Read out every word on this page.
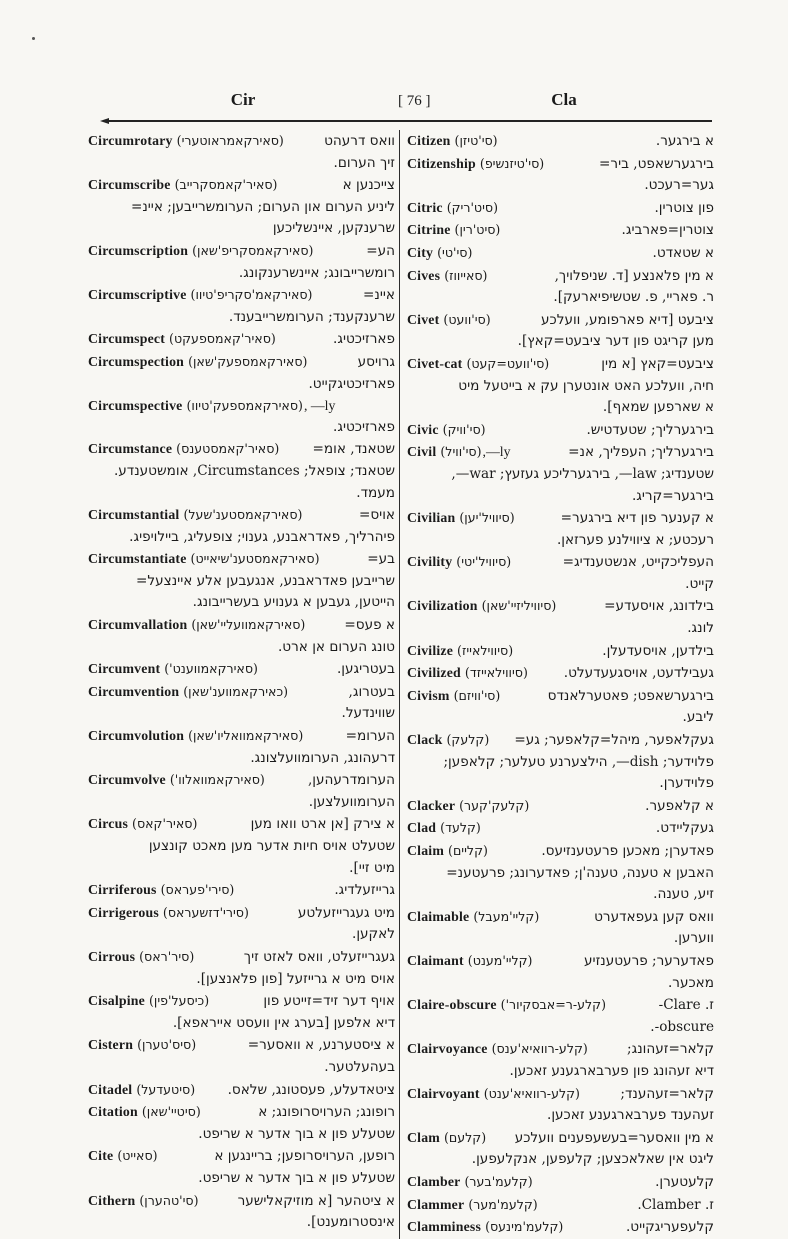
Cir	[ 76 ]	Cla
Circumrotary (סאירקאמראוטערי)	וואס דרעהט
זיך הערום.
Circumscribe (סאיר'קאמסקרייב)	צייכנען א
ליניע הערום און הערום; הערומשרייבען; איינ=
שרענקען, איינשליכען
Circumscription (סאירקאמסקריפ'שאן)	הע=
רומשרייבונג; איינשרענקונג.
Circumscriptive (סאירקאמ'סקריפ'טיוו)	איינ=
שרענקענד; הערומשרייבענד.
Circumspect (סאיר'קאמספעקט)	פארזיכטיג.
Circumspection (סאירקאמספעק'שאן)	גרויסע
פארזיכטיגקייט.
Circumspective (סאירקאמספעק'טיוו), —ly
פארזיכטיג.
Circumstance (סאיר'קאמסטענס)	שטאנד, אומ=
שטאנד; צופאל; Circumstances, אומשטענדע.
מעמד.
Circumstantial (סאירקאמסטענ'שעל)	אויס=
פיהרליך, פאדראבנע, גענוי; צופעליג, ביילויפיג.
Circumstantiate (סאירקאמסטענ'שיאייט)	בע=
שרייבען פאדראבנע, אנגעבען אלע איינצעל=
הייטען, געבען א גענויע בעשרייבונג.
Circumvallation (סאירקאמוועליי'שאן)	א פעס=
טונג הערום אן ארט.
Circumvent (סאירקאמווענט')	בעטריגען.
Circumvention (כאירקאמווענ'שאן)	בעטרוג,
שווינדעל.
Circumvolution (סאירקאמוואליו'שאן)	הערומ=
דרעהונג, הערומוועלצונג.
Circumvolve (סאירקאמוואלוו')	הערומדרעהען,
הערומוועלצען.
Circus (סאיר'קאס)	א צירק [אן ארט וואו מען
שטעלט אויס חיות אדער מען מאכט קונצען
מיט זיי].
Cirriferous (סירי'פעראס)	גרייזעלדיג.
Cirrigerous (סירי'דזשעראס)	מיט געגרייזעלטע
לאקען.
Cirrous (סיר'ראס)	געגרייזעלט, וואס לאזט זיך
אויס מיט א גרייזעל [פון פלאנצען].
Cisalpine (כיסעל'פין)	אויף דער זיד=זייטע פון
דיא אלפען [בערג אין וועסט אייראפא].
Cistern (סיס'טערן)	א ציסטערנע, א וואסער=
בעהעלטער.
Citadel (סיטעדעל)	ציטאדעלע, פעסטונג, שלאס.
Citation (סיטיי'שאן)	רופונג; הערויסרופונג; א
שטעלע פון א בוך אדער א שריפט.
Cite (סאייט)	רופען, הערויסרופען; בריינגען א
שטעלע פון א בוך אדער א שריפט.
Cithern (סי'טהערן)	א ציטהער [א מוזיקאלישער
אינסטרומענט].
Citizen (סי'טיזן)	א בירגער.
Citizenship (סי'טיזנשיפ)	בירגערשאפט, ביר=
גער=רעכט.
Citric (סיט'ריק)	פון צוטרין.
Citrine (סיט'רין)	צוטרין=פארביג.
City (סי'טי)	א שטאדט.
Cives (סאייווז)	א מין פלאנצע [ד. שניפלויך,
ר. פאריי, פ. שטשיפיארעק].
Civet (סי'וועט)	ציבעט [דיא פארפומע, וועלכע
מען קריגט פון דער ציבעט=קאץ].
Civet-cat (סי'וועט=קעט)	ציבעט=קאץ [א מין
חיה, וועלכע האט אונטערן עק א בייטעל מיט
א שארפען שמאף].
Civic (סי'וויק)	בירגערליך; שטעדטיש.
Civil (סי'וויל),—ly	בירגערליך; העפליך, אנ=
שטענדיג; law—, בירגערליכע געזעץ; war—,
בירגער=קריג.
Civilian (סיוויל'יען)	א קענער פון דיא בירגער=
רעכטע; א ציווילנע פערזאן.
Civility (סיוויל'יטי)	העפליכקייט, אנשטענדיג=
קייט.
Civilization (סיוויליזיי'שאן)	בילדונג, אויסעדע=
לונג.
Civilize (סיווילאייז)	בילדען, אויסעדעלן.
Civilized (סיווילאייזד)	געבילדעט, אויסגעעדעלט.
Civism (סי'וויזם)	בירגערשאפט; פאטערלאנדס
ליבע.
Clack (קלעק)	געקלאפער, מיהל=קלאפער; גע=
פלוידער; dish—, הילצערנע טעלער; קלאפען;
פלוידערן.
Clacker (קלעק'קער)	א קלאפער.
Clad (קלעד)	געקליידט.
Claim (קליים)	פאדערן; מאכען פרעטענזיעס.
האבען א טענה, טענה'ן; פאדערונג; פרעטענ=
זיע, טענה.
Claimable (קליי'מעבל)	וואס קען געפאדערט
ווערען.
Claimant (קליי'מענט)	פאדערער; פרעטענזיע
מאכער.
Claire-obscure (קלע-ר=אבסקיור')	ז. Clare-
.-obscure
Clairvoyance (קלע-רוואיא'ענס)	קלאר=זעהונג;
דיא זעהונג פון פערבארגענע זאכען.
Clairvoyant (קלע-רוואיא'ענט)	קלאר=זעהענד;
זעהענד פערבארגענע זאכען.
Clam (קלעם)	א מין וואסער=בעשעפענים וועלכע
ליגט אין שאלאכצען; קלעפען, אנקלעפען.
Clamber (קלעמ'בער)	קלעטערן.
Clammer (קלעמ'מער)	ז. Clamber.
Clamminess (קלעמ'מינעס)	קלעפעריגקייט.
